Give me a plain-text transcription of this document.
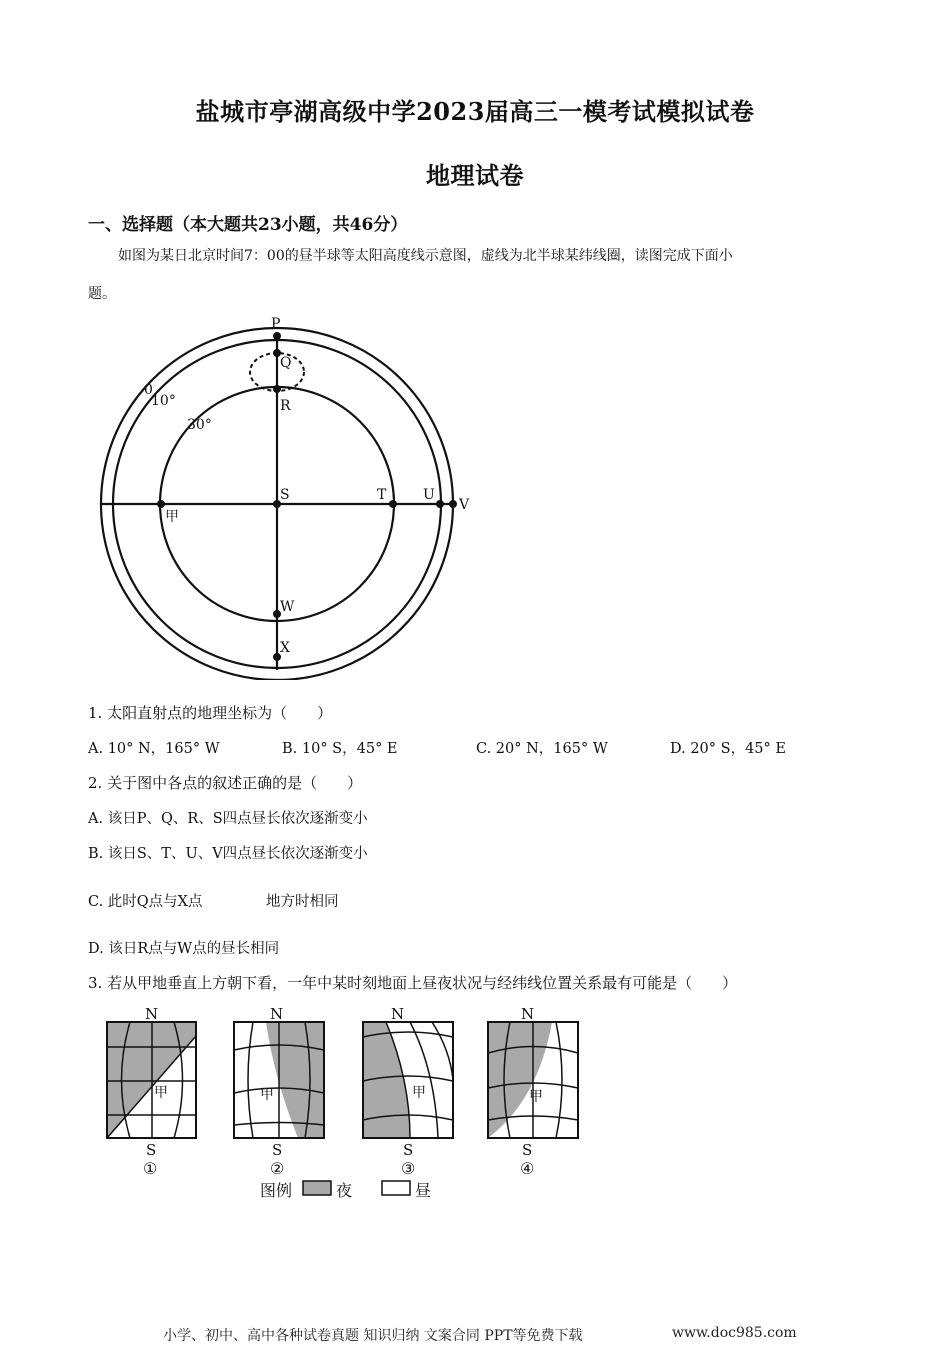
盐城市亭湖高级中学2023届高三一模考试模拟试卷
地理试卷
一、选择题（本大题共23小题，共46分）
如图为某日北京时间7：00的昼半球等太阳高度线示意图，虚线为北半球某纬线圈，读图完成下面小
题。
P
Q
R
S	T	U
V
甲
W
X
0
10°
30°
1. 太阳直射点的地理坐标为（　　）
A. 10° N，165° W	B. 10° S，45° E	C. 20° N，165° W	D. 20° S，45° E
2. 关于图中各点的叙述正确的是（　　）
A. 该日P、Q、R、S四点昼长依次逐渐变小
B. 该日S、T、U、V四点昼长依次逐渐变小
C. 此时Q点与X点	地方时相同
D. 该日R点与W点的昼长相同
3. 若从甲地垂直上方朝下看，一年中某时刻地面上昼夜状况与经纬线位置关系最有可能是（　　）
N
S
①
甲
N
S
②
甲
N
S
③
甲
N
S
④
甲
图例	夜	昼
小学、初中、高中各种试卷真题 知识归纳 文案合同 PPT等免费下载	www.doc985.com
